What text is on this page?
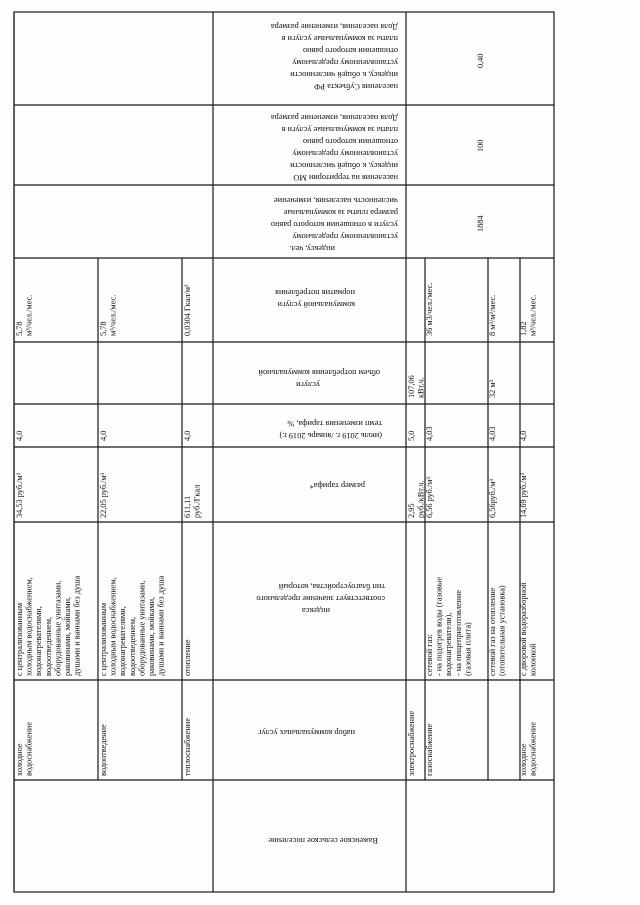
Важенское сельское поселение
набор коммунальных услуг
тип благоустройства, который
соответствует значение предельного
индекса
размер тарифа*
темп изменения тарифа, %
(июль 2019 г. /январь 2019 г.)
объем потребления коммунальной
услуги
норматив потребления
коммунальной услуги
численность населения, изменение
размера платы за коммунальные
услуги в отношении которого равно
установленному предельному
индексу, чел.
Доля населения, изменение размера
платы за коммунальные услуги в
отношении которого равно
установленному предельному
индексу, к общей численности
населения на территории МО
Доля населения, изменение размера
платы за коммунальные услуги в
отношении которого равно
установленному предельному
индексу, к общей численности
населения Субъекта РФ
1884
100
0,40
холодное водоснабжение
с централизованным холодным водоснабжением, водонагревателями, водоотведением, оборудованные унитазами, раковинами, мойками, душами и ваннами без душа
34,53 руб./м³
4,0
5,78 м³/чел./мес.
водоотведение
с централизованным холодным водоснабжением, водонагревателями, водоотведением, оборудованные унитазами, раковинами, мойками, душами и ваннами без душа
22,05 руб./м³
4,0
5,78 м³/чел./мес.
теплоснабжение
отопление
611,11 руб./Гкал
4,0
0,0304 Гкал/м²
электроснабжение
2,95 руб./кВт.ч.
5,0
107,06 кВт.ч.
газоснабжение
сетевой газ: - на подогрев воды (газовые водонагреватели), - на пищеприготовление (газовая плита)
6,56 руб./м³
4,03
36 м3/чел./мес.
сетевой газ на отопление (отопительная установка)
6,56руб./м³
4,03
32 м³
8 м³/м²/мес.
холодное водоснабжение
с дворовой водоразборной колонкой
14,69 руб./м³
4,0
1,82 м³/чел./мес.
